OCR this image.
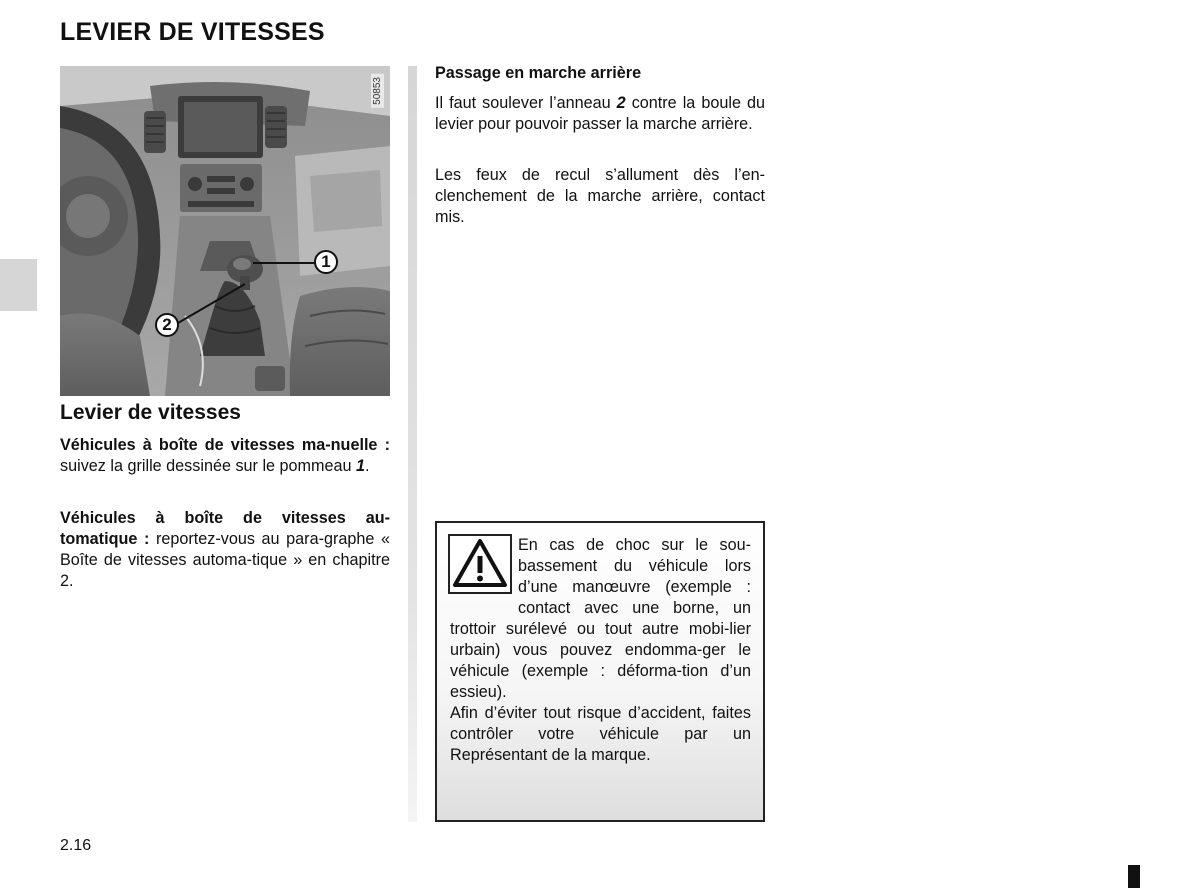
LEVIER DE VITESSES
50853
1
2
Levier de vitesses
Véhicules à boîte de vitesses ma-nuelle : suivez la grille dessinée sur le pommeau 1.
Véhicules à boîte de vitesses au-tomatique : reportez-vous au para-graphe « Boîte de vitesses automa-tique » en chapitre 2.
Passage en marche arrière
Il faut soulever l’anneau 2 contre la boule du levier pour pouvoir passer la marche arrière.
Les feux de recul s’allument dès l’en-clenchement de la marche arrière, contact mis.

En cas de choc sur le sou-bassement du véhicule lors d’une manœuvre (exemple : contact avec une borne, un trottoir surélevé ou tout autre mobi-lier urbain) vous pouvez endomma-ger le véhicule (exemple : déforma-tion d’un essieu).

Afin d’éviter tout risque d’accident, faites contrôler votre véhicule par un Représentant de la marque.

2.16
